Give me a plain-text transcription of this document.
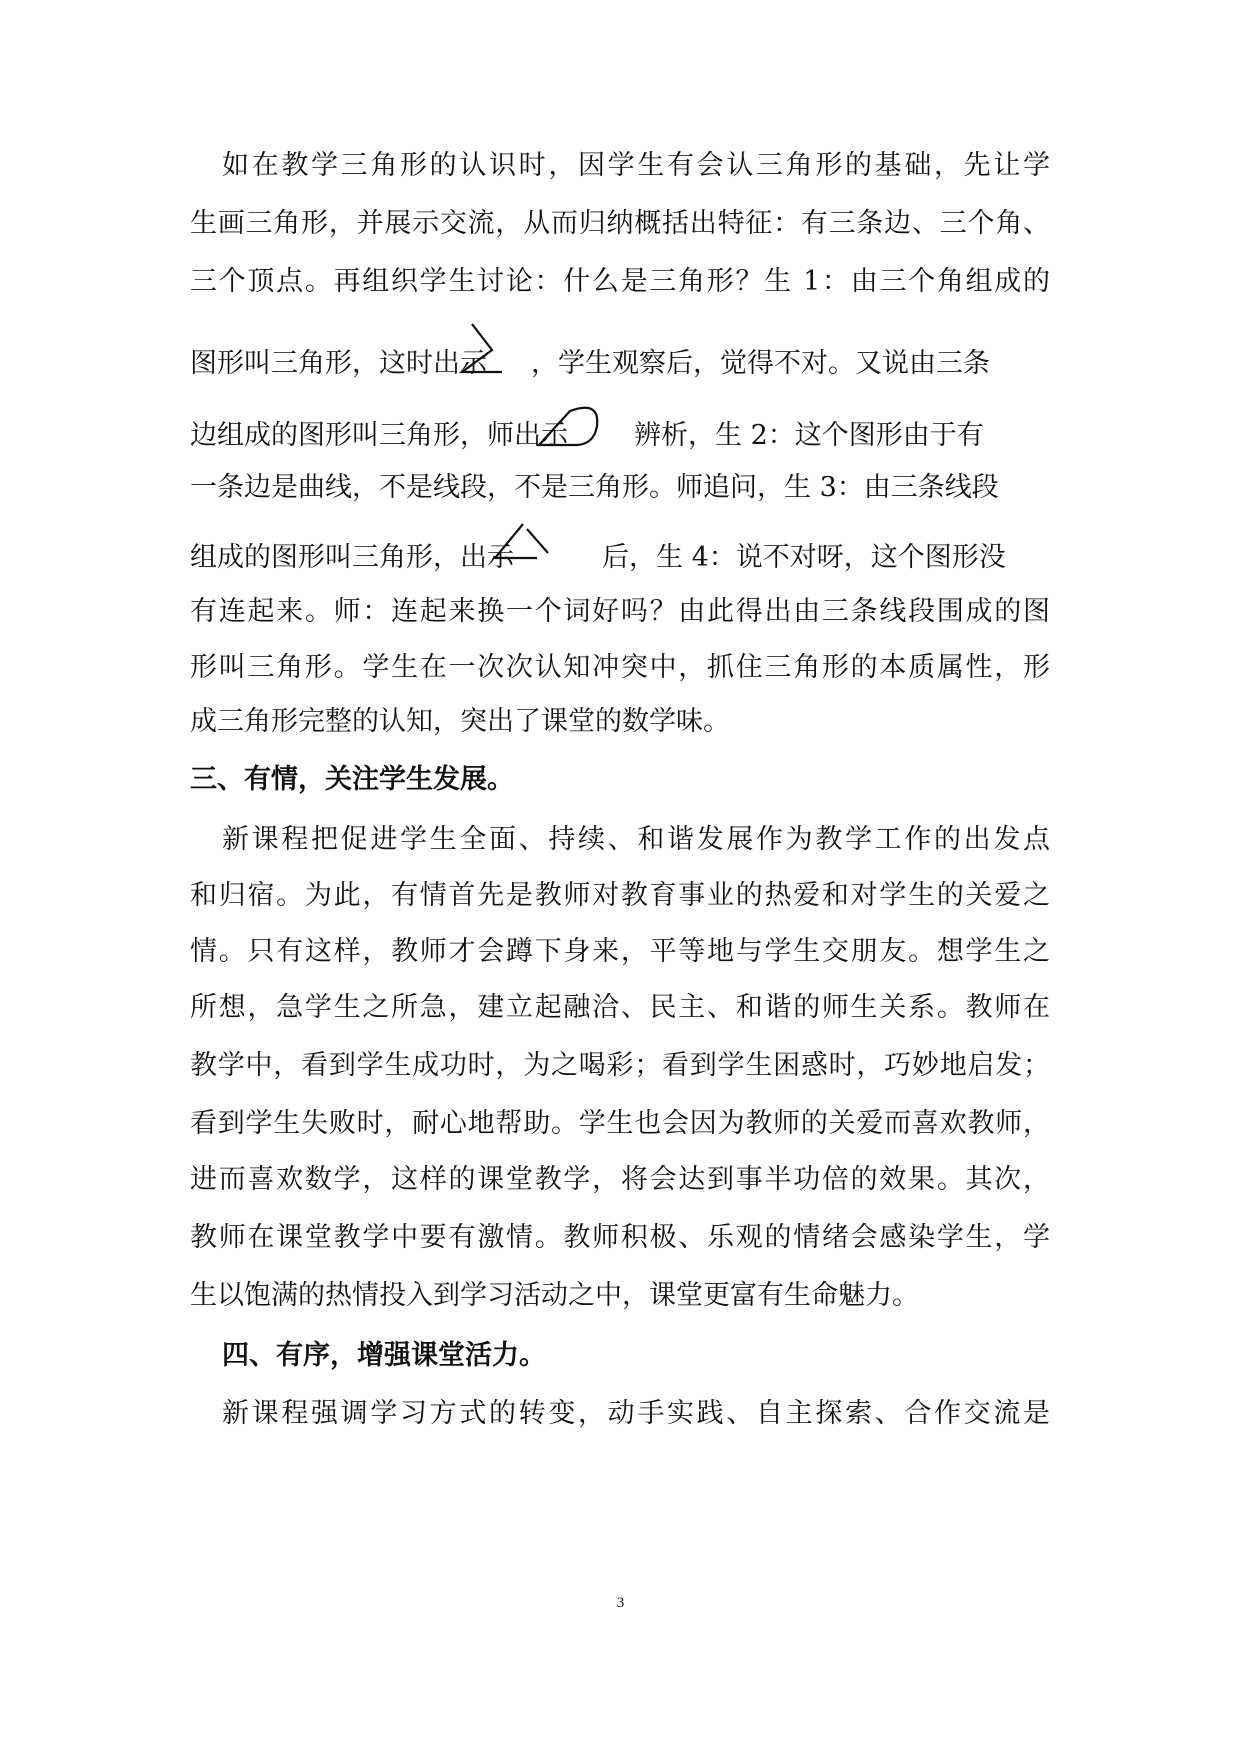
如在教学三角形的认识时，因学生有会认三角形的基础，先让学
生画三角形，并展示交流，从而归纳概括出特征：有三条边、三个角、
三个顶点。再组织学生讨论：什么是三角形？生 1：由三个角组成的
图形叫三角形，这时出示 ，学生观察后，觉得不对。又说由三条
边组成的图形叫三角形，师出示 辨析，生 2：这个图形由于有
一条边是曲线，不是线段，不是三角形。师追问，生 3：由三条线段
组成的图形叫三角形，出示	后，生 4：说不对呀，这个图形没
有连起来。师：连起来换一个词好吗？由此得出由三条线段围成的图
形叫三角形。学生在一次次认知冲突中，抓住三角形的本质属性，形
成三角形完整的认知，突出了课堂的数学味。
三、有情，关注学生发展。
新课程把促进学生全面、持续、和谐发展作为教学工作的出发点
和归宿。为此，有情首先是教师对教育事业的热爱和对学生的关爱之
情。只有这样，教师才会蹲下身来，平等地与学生交朋友。想学生之
所想，急学生之所急，建立起融洽、民主、和谐的师生关系。教师在
教学中，看到学生成功时，为之喝彩；看到学生困惑时，巧妙地启发；
看到学生失败时，耐心地帮助。学生也会因为教师的关爱而喜欢教师，
进而喜欢数学，这样的课堂教学，将会达到事半功倍的效果。其次，
教师在课堂教学中要有激情。教师积极、乐观的情绪会感染学生，学
生以饱满的热情投入到学习活动之中，课堂更富有生命魅力。
四、有序，增强课堂活力。
新课程强调学习方式的转变，动手实践、自主探索、合作交流是
3
